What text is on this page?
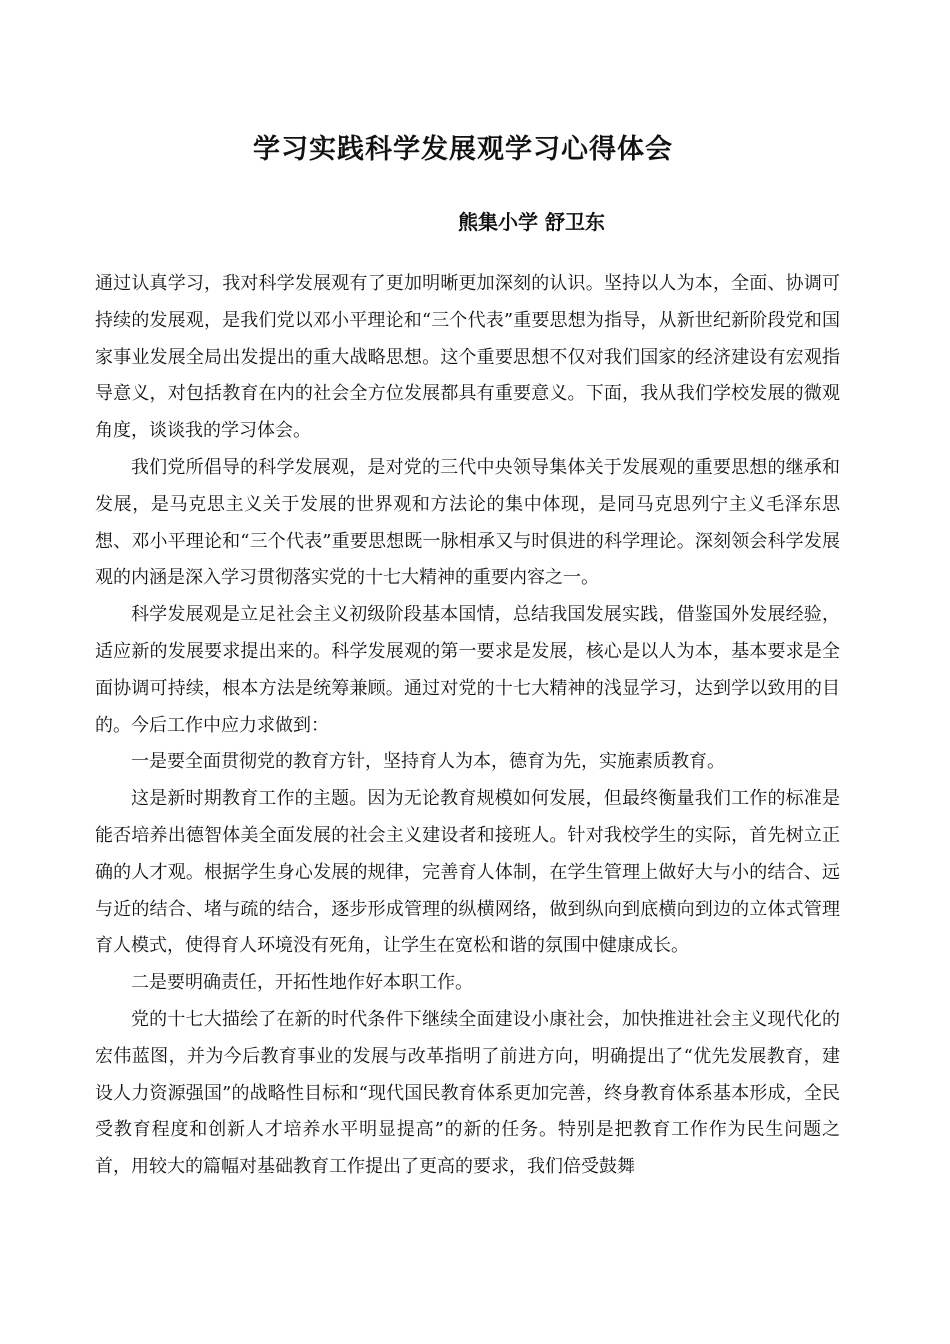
学习实践科学发展观学习心得体会
熊集小学 舒卫东

通过认真学习，我对科学发展观有了更加明晰更加深刻的认识。坚持以人为本，全面、协调可持续的发展观，是我们党以邓小平理论和“三个代表”重要思想为指导，从新世纪新阶段党和国家事业发展全局出发提出的重大战略思想。这个重要思想不仅对我们国家的经济建设有宏观指导意义，对包括教育在内的社会全方位发展都具有重要意义。下面，我从我们学校发展的微观角度，谈谈我的学习体会。

我们党所倡导的科学发展观，是对党的三代中央领导集体关于发展观的重要思想的继承和发展，是马克思主义关于发展的世界观和方法论的集中体现，是同马克思列宁主义毛泽东思想、邓小平理论和“三个代表”重要思想既一脉相承又与时俱进的科学理论。深刻领会科学发展观的内涵是深入学习贯彻落实党的十七大精神的重要内容之一。

科学发展观是立足社会主义初级阶段基本国情，总结我国发展实践，借鉴国外发展经验，适应新的发展要求提出来的。科学发展观的第一要求是发展，核心是以人为本，基本要求是全面协调可持续，根本方法是统筹兼顾。通过对党的十七大精神的浅显学习，达到学以致用的目的。今后工作中应力求做到：

一是要全面贯彻党的教育方针，坚持育人为本，德育为先，实施素质教育。

这是新时期教育工作的主题。因为无论教育规模如何发展，但最终衡量我们工作的标准是能否培养出德智体美全面发展的社会主义建设者和接班人。针对我校学生的实际，首先树立正确的人才观。根据学生身心发展的规律，完善育人体制，在学生管理上做好大与小的结合、远与近的结合、堵与疏的结合，逐步形成管理的纵横网络，做到纵向到底横向到边的立体式管理育人模式，使得育人环境没有死角，让学生在宽松和谐的氛围中健康成长。

二是要明确责任，开拓性地作好本职工作。

党的十七大描绘了在新的时代条件下继续全面建设小康社会，加快推进社会主义现代化的宏伟蓝图，并为今后教育事业的发展与改革指明了前进方向，明确提出了“优先发展教育，建设人力资源强国”的战略性目标和“现代国民教育体系更加完善，终身教育体系基本形成，全民受教育程度和创新人才培养水平明显提高”的新的任务。特别是把教育工作作为民生问题之首，用较大的篇幅对基础教育工作提出了更高的要求，我们倍受鼓舞
